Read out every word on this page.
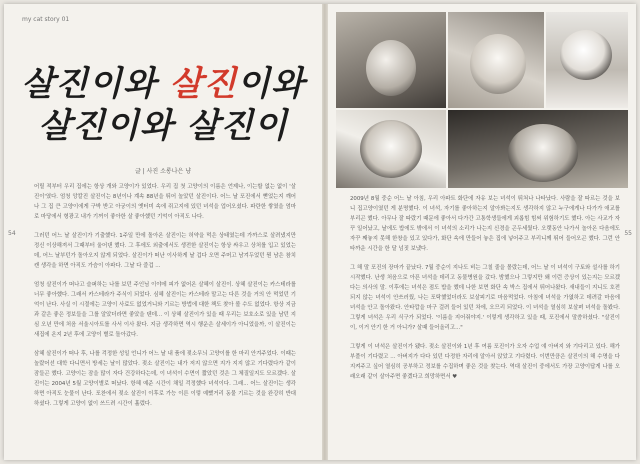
my cat story 01
살진이와 살진이와
살진이와 살진이
글 | 사진 소롱나은 냥

어릴 적부터 우리 집에는 항상 개와 고양이가 있었다. 우리 집 첫 고양이의 이름은 언제나, 이는할 없는 없이 '살진이'였다. 엄청 앙칼진 살진이는 8년이나 계속 88년을 뛰어 놀았던 살진이다. 어느 날 포진에서 뻗었는지 깨어나 그 집 큰 고양이에게 구박 받고 아궁이의 옛터미 속에 쥐고지에 있던 녀석을 업어오셨다. 파란한 쌓였을 엄마로 마당에서 형광고 내가 기꺼이 좋아한 살 좋아했던 기억이 아직도 나다.

그러던 어느 날 살진이가 기출했다. 1주일 만에 돌아온 살진이는 허약을 먹은 상태였는데 가까스로 살려냈지만 정신 이상해져서 그때부터 울어댄 했다. 그 후에도 외출에서도 생전한 살진이는 항상 싸우고 상처를 입고 있었는데, 어느 날부턴가 돌아오지 않게 되었다. 살진이가 떠난 이사하게 날 겁다 오면 주머고 남겨두었던 뭔 남은 참치 캔 생각을 하면 아직도 가슴이 아파다. 그날 다 즐겁 ...

엄청 살진이가 떠나고 슬퍼하는 나를 보던 주인님 이야에 피가 없어온 살혜이 살진이. 상혜 살진이는 카스테라를 너무 좋아했다. 그래서 카스테라가 주식이 되었다. 심혜 살진이는 카스테라 말고는 다른 것을 거의 안 먹었던 기억이 난다. 사실 이 시절에는 고양이 사료도 없었거니와 기르는 방법에 대한 책도 찾아 볼 수도 없었다. 항상 지금과 같은 좋은 정보들을 그를 알았더라면 좋았을 텐데... 이 상혜 살진이가 있을 때 우리는 보호소로 있을 남던 지 심 오년 만에 처음 서울시아트를 사서 이사 왔다. 지금 생각하면 역시 행운은 살세이가 아니었을까, 이 살진이는 새집에 온지 2년 후에 고양이 별로 돌아갔다.

삼혜 살진이가 떠나 후, 나를 걱정한 성일 언니가 어느 날 내 품에 젖소무늬 고양이를 한 마리 안겨주었다. 이때는 놀랐어선 대학 다니면서 방세는 날이 많았다. 젖소 살진이는 내가 저지 않으면 지가 지지 않고 기다렸다가 같이 잠들곤 했다. 고양이는 잠을 많이 자다 건강하다는데, 이 녀석이 수면이 짧았던 것은 그 체질일지도 모르겠다. 살진이는 2004년 5월 고양이별로 떠났다. 항혜 예준 시간이 채일 걱정했다 녀석이다. 그래... 어느 살진이는 생각하면 아직도 눈물이 난다. 포찬에서 젖소 살진이 이후로 가능 이른 이렇 예뻤거리 동물 기르는 것을 완강히 반대하셨다. 그렇게 고양이 없이 쓰드려 시간이 흘렀다.

54

2009년 8월 중순 어느 날 아침, 우리 아파트 화단에 자유 보는 녀석이 뛰쳐나 나타났다. 사람을 잘 따르는 것을 보니 집고양이였던 게 분명했다. 이 녀석, 자기를 좋아하는지 알아봐는지도 생각하지 않고 누구에게나 다가가 애교를 부리곤 했다. 아무나 잘 따랐기 때문에 좋아서 다가간 고통학생들에게 괴롭힘 힘써 위험하기도 했다. 아는 사교가 자꾸 일어났고, 날에도 밥에도 밖에서 이 녀석의 소리가 나는지 신경을 곤두세웠다. 오랫동안 나가서 놀아온 다음에도 자꾸 째놓지 못해 한창을 있고 있다가, 화단 속에 만들어 놓은 집에 넣어주고 부리니께 뛰어 들어오곤 했다. 그런 안타까운 시간을 한 달 넘짓 보냈다.

그 해 말 포진의 장마가 끝났다. 7월 중순이 지나도 비는 그칠 줄을 몰랐는데, 어느 날 이 녀석이 구토와 설사를 하기 시작했다. 난생 처음으로 아픈 녀석을 데리고 동물병원을 갔다. 밤했으나 그렇지만 왜 이런 증상이 있는지는 모르겠다는 의사의 말. 이후에는 녀석은 점도 밥을 했데 나한 보면 화단 속 박스 집에서 뛰어나왔다. 새내들이 지니도 호전되지 않는 녀석이 안쓰러웠, 나는 포탁했었더라도 보살피기로 마음먹었다. 아침에 녀석을 가엾하고 데려갈 마음에 녀석을 안고 돌아왔다. 안타깝을 마구 걸려 들어 있던 차에, 오므리 되었다. 이 녀석을 열심히 보살펴 녀석을 돌봤다. 그렇게 녀석은 우리 식구가 되었다. '이름을 지어줘야지.' 이렇게 생각하고 있을 때, 포진에서 말씀하셨다. "살진이 이, 이거 안기 한 거 아니가? 살때 들어올리고..."

그렇게 이 녀석은 살진이가 됐다. 젖소 살진이와 1년 후 여름 포진이가 오자 수업 얘 아버지 와 기다리고 있다. 해가 부풀이 기다렸고 ... 아버지가 다다 있던 다정한 자리에 알아서 앉았고 기다렸다. 이번만큼은 살진이의 해 수명을 다 지켜주고 싶어 열심히 공부하고 정보를 수집하며 좋은 것을 찾는다. 역대 살진이 중에서도 가장 고양이답게 나를 오래오래 같이 살아주면 좋겠다고 희망하면서 ♥

55
